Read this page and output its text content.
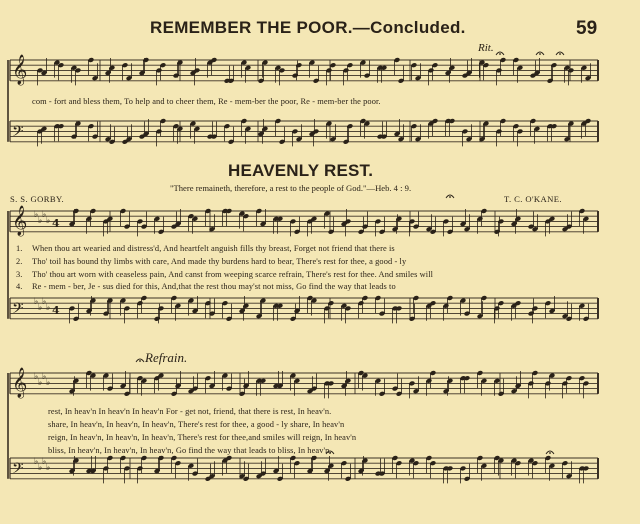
𝄞
𝄢
𝄞
𝄢
𝄞
𝄢
♭
♭
♭
♭ 4
♭
♭
♭
♭ 4
♭
♭
♭
♭
♭
♭
♭
♭
REMEMBER THE POOR.—Concluded.	59
Rit.
com - fort and bless them, To help and to cheer them, Re - mem-ber the poor, Re - mem-ber the poor.
HEAVENLY REST.
S. S. GORBY.
"There remaineth, therefore, a rest to the people of God."—Heb. 4 : 9.
T. C. O'KANE.
1. When thou art wearied and distress'd, And heartfelt anguish fills thy breast, Forget not friend that there is
2. Tho' toil has bound thy limbs with care, And made thy burdens hard to bear, There's rest for thee, a good - ly
3. Tho' thou art worn with ceaseless pain, And canst from weeping scarce refrain, There's rest for thee. And smiles will
4. Re - mem - ber, Je - sus died for this, And,that the rest thou may'st not miss, Go find the way that leads to
Refrain.
rest, In heav'n In heav'n In heav'n For - get not, friend, that there is rest, In heav'n.
share, In heav'n, In heav'n, In heav'n, There's rest for thee, a good - ly share, In heav'n
reign, In heav'n, In heav'n, In heav'n, There's rest for thee,and smiles will reign, In heav'n
bliss, In heav'n, In heav'n, In heav'n, Go find the way that leads to bliss, In heav'n.
